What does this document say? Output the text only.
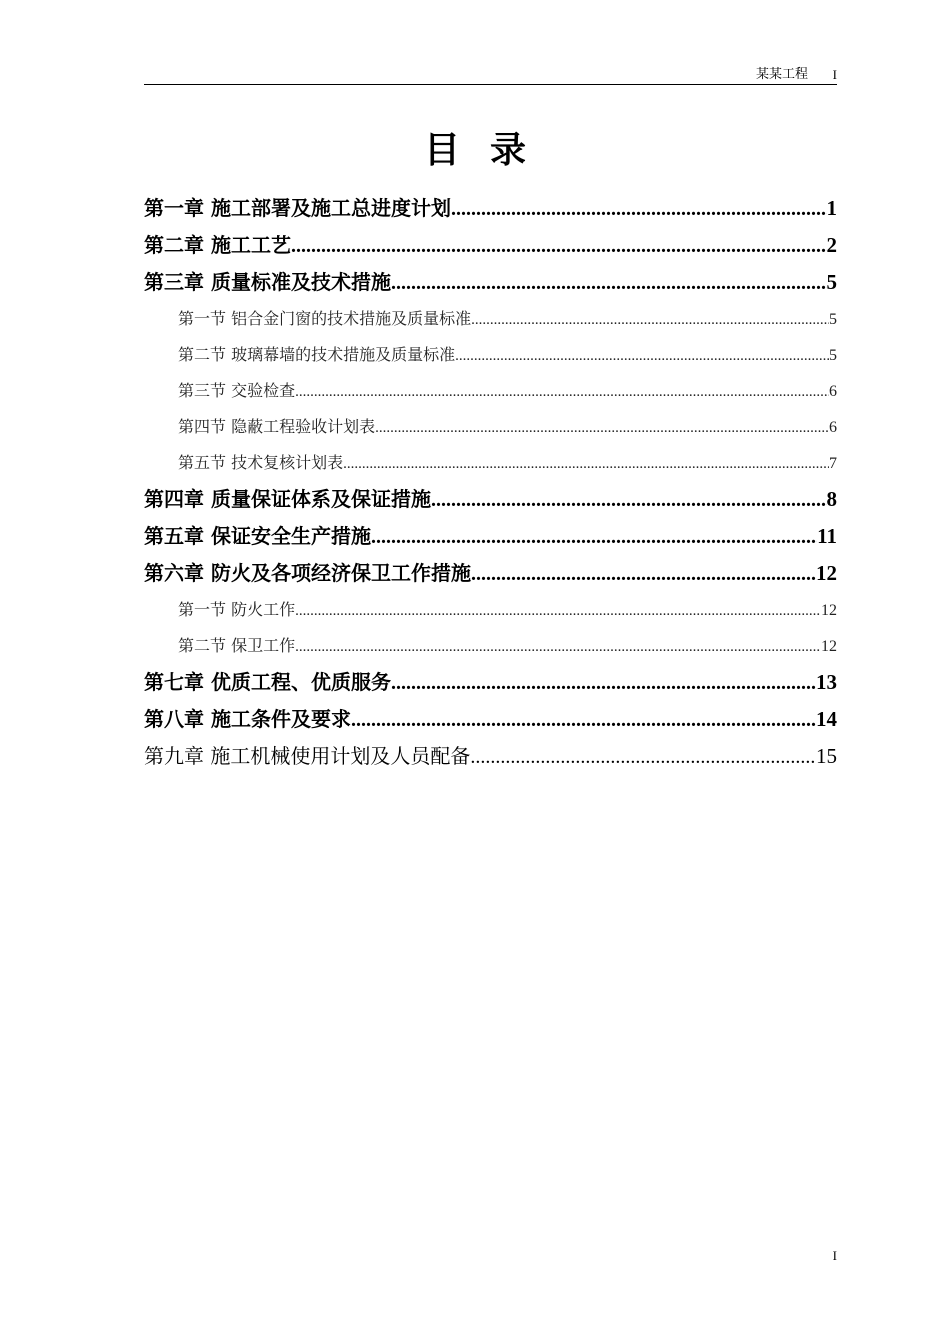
某某工程 I
目录
第一章 施工部署及施工总进度计划 .....	1
第二章 施工工艺 .....	2
第三章 质量标准及技术措施 .....	5
第一节 铝合金门窗的技术措施及质量标准 .....	5
第二节 玻璃幕墙的技术措施及质量标准 .....	5
第三节 交验检查 .....	6
第四节 隐蔽工程验收计划表 .....	6
第五节 技术复核计划表 .....	7
第四章 质量保证体系及保证措施 .....	8
第五章 保证安全生产措施 .....	11
第六章 防火及各项经济保卫工作措施 .....	12
第一节 防火工作 .....	12
第二节 保卫工作 .....	12
第七章 优质工程、优质服务 .....	13
第八章 施工条件及要求 .....	14
第九章 施工机械使用计划及人员配备 .....	15
I
